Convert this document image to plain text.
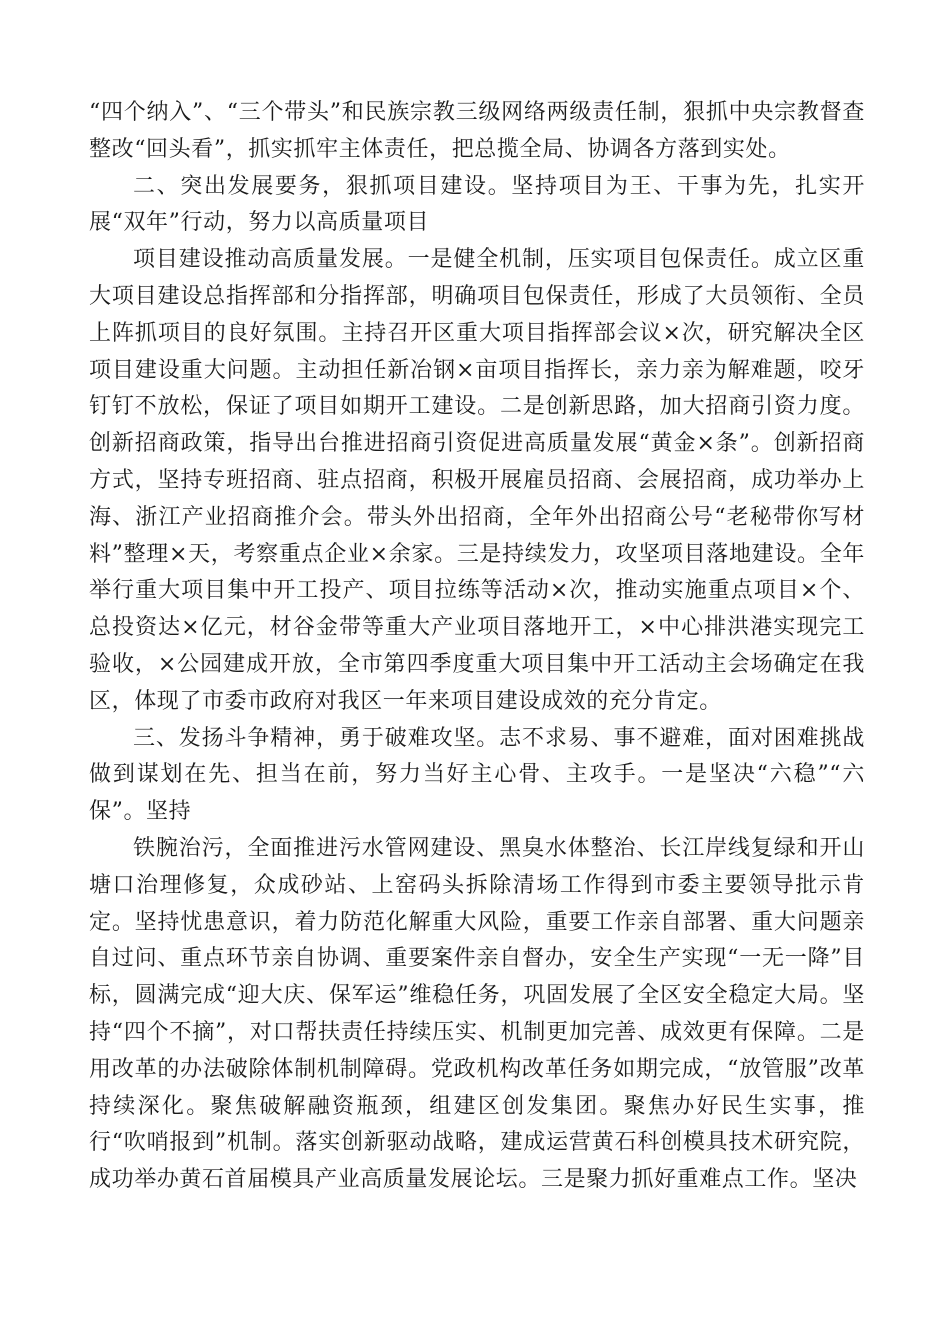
“四个纳入”、“三个带头”和民族宗教三级网络两级责任制，狠抓中央宗教督查整改“回头看”，抓实抓牢主体责任，把总揽全局、协调各方落到实处。

二、突出发展要务，狠抓项目建设。坚持项目为王、干事为先，扎实开展“双年”行动，努力以高质量项目

项目建设推动高质量发展。一是健全机制，压实项目包保责任。成立区重大项目建设总指挥部和分指挥部，明确项目包保责任，形成了大员领衔、全员上阵抓项目的良好氛围。主持召开区重大项目指挥部会议×次，研究解决全区项目建设重大问题。主动担任新冶钢×亩项目指挥长，亲力亲为解难题，咬牙钉钉不放松，保证了项目如期开工建设。二是创新思路，加大招商引资力度。创新招商政策，指导出台推进招商引资促进高质量发展“黄金×条”。创新招商方式，坚持专班招商、驻点招商，积极开展雇员招商、会展招商，成功举办上海、浙江产业招商推介会。带头外出招商，全年外出招商公号“老秘带你写材料”整理×天，考察重点企业×余家。三是持续发力，攻坚项目落地建设。全年举行重大项目集中开工投产、项目拉练等活动×次，推动实施重点项目×个、总投资达×亿元，材谷金带等重大产业项目落地开工，×中心排洪港实现完工验收，×公园建成开放，全市第四季度重大项目集中开工活动主会场确定在我区，体现了市委市政府对我区一年来项目建设成效的充分肯定。

三、发扬斗争精神，勇于破难攻坚。志不求易、事不避难，面对困难挑战做到谋划在先、担当在前，努力当好主心骨、主攻手。一是坚决“六稳”“六保”。坚持

铁腕治污，全面推进污水管网建设、黑臭水体整治、长江岸线复绿和开山塘口治理修复，众成砂站、上窑码头拆除清场工作得到市委主要领导批示肯定。坚持忧患意识，着力防范化解重大风险，重要工作亲自部署、重大问题亲自过问、重点环节亲自协调、重要案件亲自督办，安全生产实现“一无一降”目标，圆满完成“迎大庆、保军运”维稳任务，巩固发展了全区安全稳定大局。坚持“四个不摘”，对口帮扶责任持续压实、机制更加完善、成效更有保障。二是用改革的办法破除体制机制障碍。党政机构改革任务如期完成，“放管服”改革持续深化。聚焦破解融资瓶颈，组建区创发集团。聚焦办好民生实事，推行“吹哨报到”机制。落实创新驱动战略，建成运营黄石科创模具技术研究院，成功举办黄石首届模具产业高质量发展论坛。三是聚力抓好重难点工作。坚决
